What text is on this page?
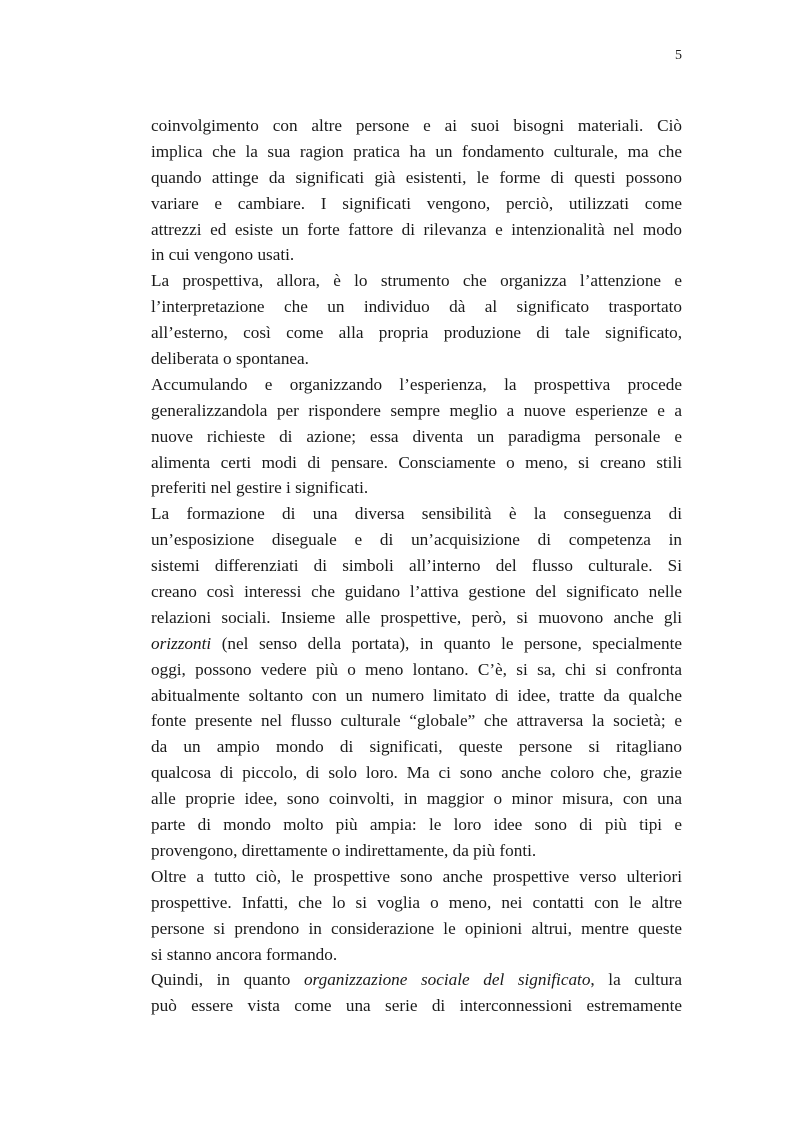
5
coinvolgimento con altre persone e ai suoi bisogni materiali. Ciò
implica che la sua ragion pratica ha un fondamento culturale, ma che
quando attinge da significati già esistenti, le forme di questi possono
variare e cambiare. I significati vengono, perciò, utilizzati come
attrezzi ed esiste un forte fattore di rilevanza e intenzionalità nel modo
in cui vengono usati.
La prospettiva, allora, è lo strumento che organizza l’attenzione e
l’interpretazione che un individuo dà al significato trasportato
all’esterno, così come alla propria produzione di tale significato,
deliberata o spontanea.
Accumulando e organizzando l’esperienza, la prospettiva procede
generalizzandola per rispondere sempre meglio a nuove esperienze e a
nuove richieste di azione; essa diventa un paradigma personale e
alimenta certi modi di pensare. Consciamente o meno, si creano stili
preferiti nel gestire i significati.
La formazione di una diversa sensibilità è la conseguenza di
un’esposizione diseguale e di un’acquisizione di competenza in
sistemi differenziati di simboli all’interno del flusso culturale. Si
creano così interessi che guidano l’attiva gestione del significato nelle
relazioni sociali. Insieme alle prospettive, però, si muovono anche gli
orizzonti (nel senso della portata), in quanto le persone, specialmente
oggi, possono vedere più o meno lontano. C’è, si sa, chi si confronta
abitualmente soltanto con un numero limitato di idee, tratte da qualche
fonte presente nel flusso culturale “globale” che attraversa la società; e
da un ampio mondo di significati, queste persone si ritagliano
qualcosa di piccolo, di solo loro. Ma ci sono anche coloro che, grazie
alle proprie idee, sono coinvolti, in maggior o minor misura, con una
parte di mondo molto più ampia: le loro idee sono di più tipi e
provengono, direttamente o indirettamente, da più fonti.
Oltre a tutto ciò, le prospettive sono anche prospettive verso ulteriori
prospettive. Infatti, che lo si voglia o meno, nei contatti con le altre
persone si prendono in considerazione le opinioni altrui, mentre queste
si stanno ancora formando.
Quindi, in quanto organizzazione sociale del significato, la cultura
può essere vista come una serie di interconnessioni estremamente
